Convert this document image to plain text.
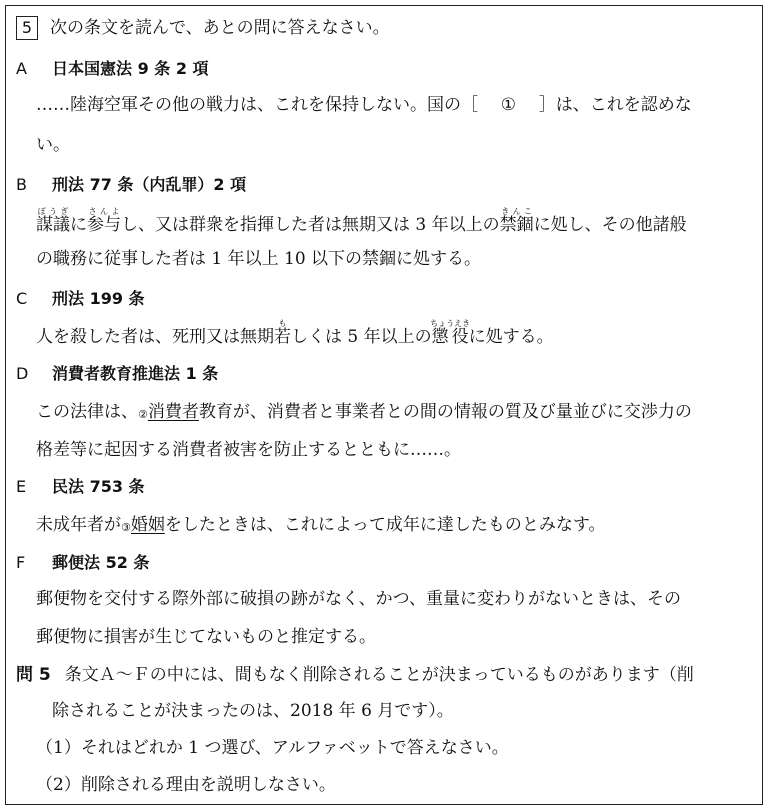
5 次の条文を読んで、あとの問に答えなさい。
A 日本国憲法 9 条 2 項
……陸海空軍その他の戦力は、これを保持しない。国の［ ① ］は、これを認めな
い。
B 刑法 77 条（内乱罪）2 項
謀議ぼうぎに参与さんよし、又は群衆を指揮した者は無期又は 3 年以上の禁錮きんこに処し、その他諸般
の職務に従事した者は 1 年以上 10 以下の禁錮に処する。
C 刑法 199 条
人を殺した者は、死刑又は無期若もしくは 5 年以上の懲役ちょうえきに処する。
D 消費者教育推進法 1 条
この法律は、②消費者教育が、消費者と事業者との間の情報の質及び量並びに交渉力の
格差等に起因する消費者被害を防止するとともに……。
E 民法 753 条
未成年者が③婚姻をしたときは、これによって成年に達したものとみなす。
F 郵便法 52 条
郵便物を交付する際外部に破損の跡がなく、かつ、重量に変わりがないときは、その
郵便物に損害が生じてないものと推定する。
問 5 条文Ａ～Ｆの中には、間もなく削除されることが決まっているものがあります（削
除されることが決まったのは、2018 年 6 月です）。
（1）それはどれか 1 つ選び、アルファベットで答えなさい。
（2）削除される理由を説明しなさい。
